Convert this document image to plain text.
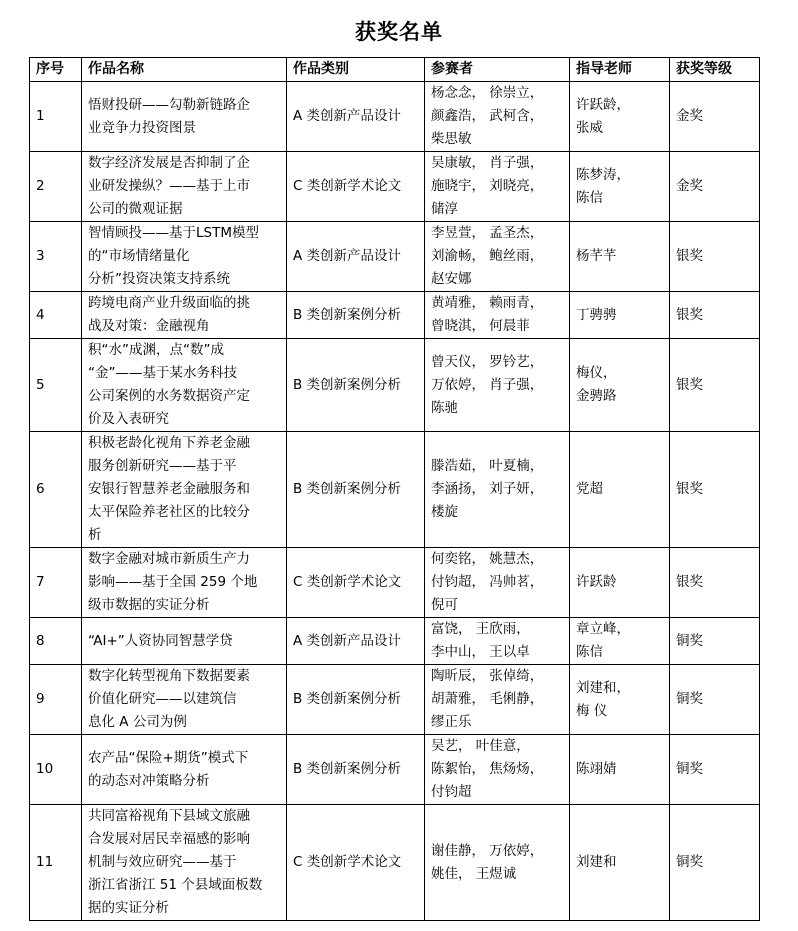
获奖名单
序号	作品名称	作品类别	参赛者	指导老师	获奖等级
1	悟财投研——勾勒新链路企
业竞争力投资图景	A 类创新产品设计	杨念念， 徐崇立，
颜鑫浩， 武柯含，
柴思敏	许跃龄，
张威	金奖
2	数字经济发展是否抑制了企
业研发操纵？——基于上市
公司的微观证据	C 类创新学术论文	吴康敏， 肖子强，
施晓宇， 刘晓亮，
储淳	陈梦涛，
陈信	金奖
3	智情顾投——基于LSTM模型
的“市场情绪量化
分析”投资决策支持系统	A 类创新产品设计	李昱萱， 孟圣杰，
刘渝畅， 鲍丝雨，
赵安娜	杨芊芊	银奖
4	跨境电商产业升级面临的挑
战及对策：金融视角	B 类创新案例分析	黄靖雅， 赖雨青，
曾晓淇， 何晨菲	丁骋骋	银奖
5	积“水”成渊，点“数”成
“金”——基于某水务科技
公司案例的水务数据资产定
价及入表研究	B 类创新案例分析	曾天仪， 罗钤艺，
万依婷， 肖子强，
陈驰	梅仪，
金骋路	银奖
6	积极老龄化视角下养老金融
服务创新研究——基于平
安银行智慧养老金融服务和
太平保险养老社区的比较分
析	B 类创新案例分析	滕浩茹， 叶夏楠，
李涵扬， 刘子妍，
楼旋	党超	银奖
7	数字金融对城市新质生产力
影响——基于全国 259 个地
级市数据的实证分析	C 类创新学术论文	何奕铭， 姚慧杰，
付钧超， 冯帅茗，
倪可	许跃龄	银奖
8	“AI+”人资协同智慧学贷	A 类创新产品设计	富饶， 王欣雨，
李中山， 王以卓	章立峰，
陈信	铜奖
9	数字化转型视角下数据要素
价值化研究——以建筑信
息化 A 公司为例	B 类创新案例分析	陶昕辰， 张倬绮，
胡萧雅， 毛俐静，
缪正乐	刘建和，
梅 仪	铜奖
10	农产品“保险+期货”模式下
的动态对冲策略分析	B 类创新案例分析	吴艺， 叶佳意，
陈絮怡， 焦炀炀，
付钧超	陈翊婧	铜奖
11	共同富裕视角下县域文旅融
合发展对居民幸福感的影响
机制与效应研究——基于
浙江省浙江 51 个县域面板数
据的实证分析	C 类创新学术论文	谢佳静， 万依婷，
姚佳， 王煜诚	刘建和	铜奖
